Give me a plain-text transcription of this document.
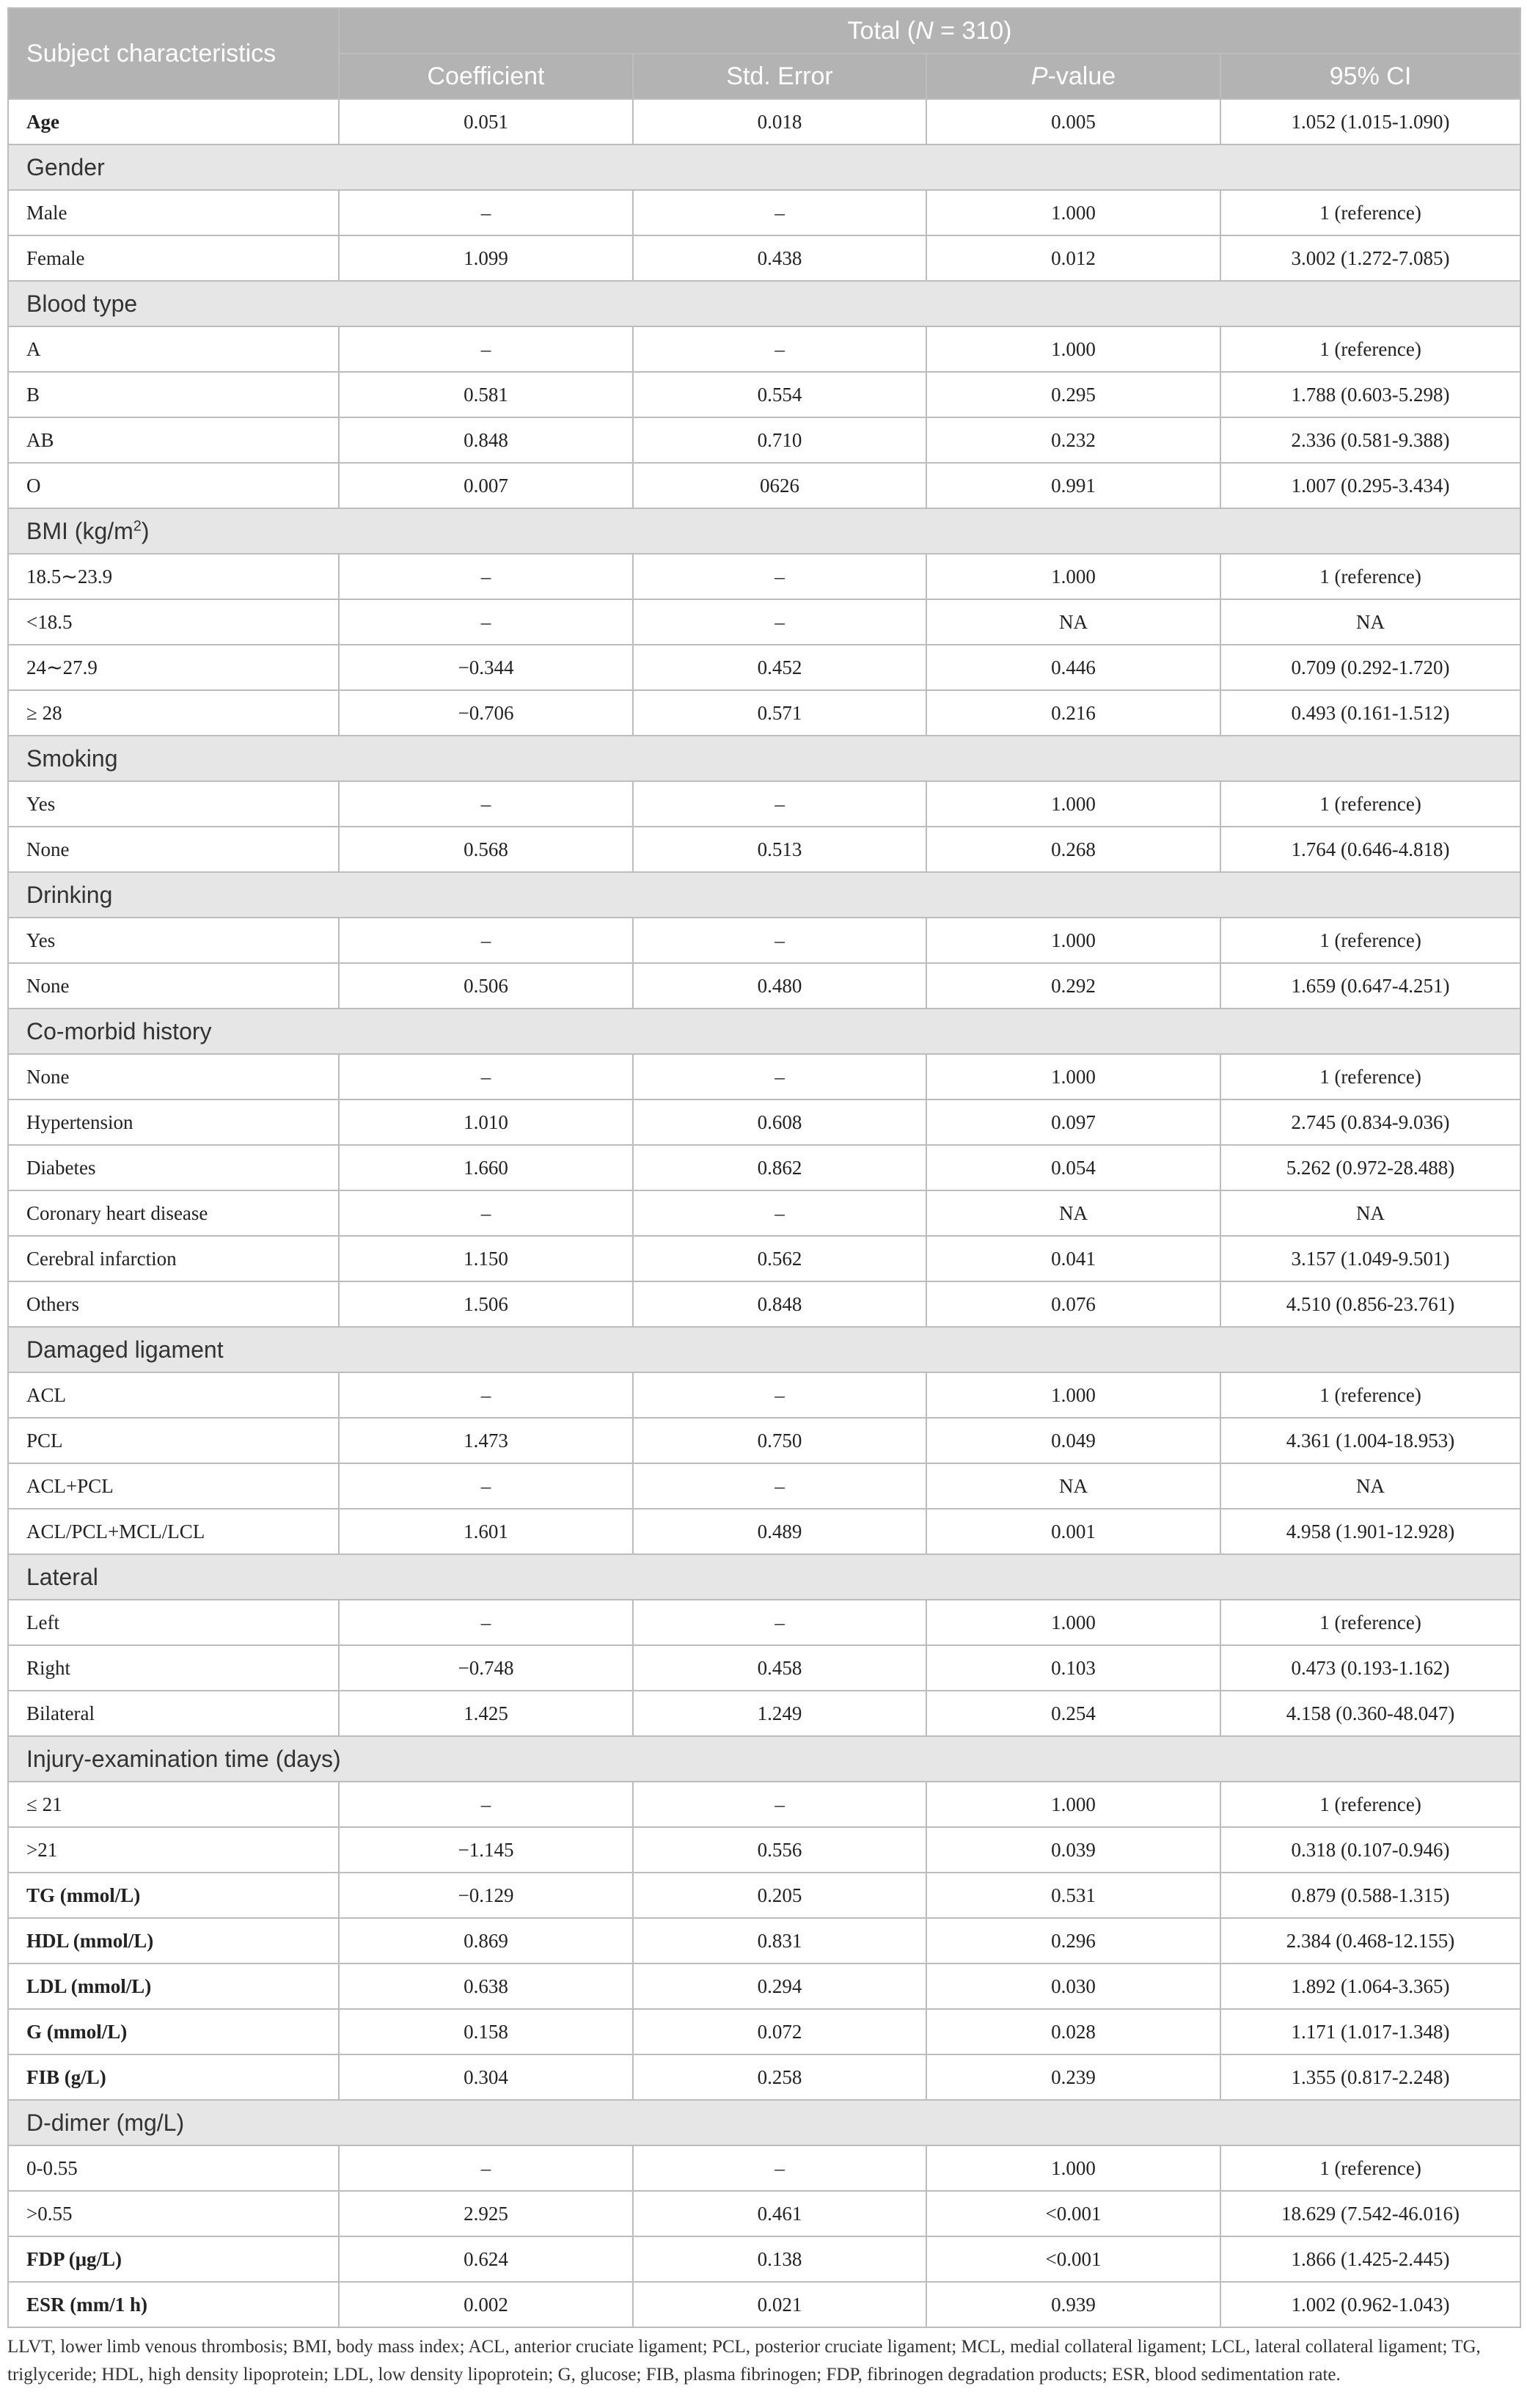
Subject characteristics	Total (N = 310)			
	Coefficient	Std. Error	P-value	95% CI
Age	0.051	0.018	0.005	1.052 (1.015-1.090)
Gender				
Male	–	–	1.000	1 (reference)
Female	1.099	0.438	0.012	3.002 (1.272-7.085)
Blood type				
A	–	–	1.000	1 (reference)
B	0.581	0.554	0.295	1.788 (0.603-5.298)
AB	0.848	0.710	0.232	2.336 (0.581-9.388)
O	0.007	0626	0.991	1.007 (0.295-3.434)
BMI $(kg/m^2)$				
18.5∼23.9	–	–	1.000	1 (reference)
<18.5	–	–	NA	NA
24∼27.9	−0.344	0.452	0.446	0.709 (0.292-1.720)
≥ 28	−0.706	0.571	0.216	0.493 (0.161-1.512)
Smoking				
Yes	–	–	1.000	1 (reference)
None	0.568	0.513	0.268	1.764 (0.646-4.818)
Drinking				
Yes	–	–	1.000	1 (reference)
None	0.506	0.480	0.292	1.659 (0.647-4.251)
Co-morbid history				
None	–	–	1.000	1 (reference)
Hypertension	1.010	0.608	0.097	2.745 (0.834-9.036)
Diabetes	1.660	0.862	0.054	5.262 (0.972-28.488)
Coronary heart disease	–	–	NA	NA
Cerebral infarction	1.150	0.562	0.041	3.157 (1.049-9.501)
Others	1.506	0.848	0.076	4.510 (0.856-23.761)
Damaged ligament				
ACL	–	–	1.000	1 (reference)
PCL	1.473	0.750	0.049	4.361 (1.004-18.953)
ACL+PCL	–	–	NA	NA
ACL/PCL+MCL/LCL	1.601	0.489	0.001	4.958 (1.901-12.928)
Lateral				
Left	–	–	1.000	1 (reference)
Right	−0.748	0.458	0.103	0.473 (0.193-1.162)
Bilateral	1.425	1.249	0.254	4.158 (0.360-48.047)
Injury-examination time (days)				
≤ 21	–	–	1.000	1 (reference)
>21	−1.145	0.556	0.039	0.318 (0.107-0.946)
TG (mmol/L)	−0.129	0.205	0.531	0.879 (0.588-1.315)
HDL (mmol/L)	0.869	0.831	0.296	2.384 (0.468-12.155)
LDL (mmol/L)	0.638	0.294	0.030	1.892 (1.064-3.365)
G (mmol/L)	0.158	0.072	0.028	1.171 (1.017-1.348)
FIB (g/L)	0.304	0.258	0.239	1.355 (0.817-2.248)
D-dimer (mg/L)				
0-0.55	–	–	1.000	1 (reference)
>0.55	2.925	0.461	<0.001	18.629 (7.542-46.016)
FDP (μg/L)	0.624	0.138	<0.001	1.866 (1.425-2.445)
ESR (mm/1 h)	0.002	0.021	0.939	1.002 (0.962-1.043)
LLVT, lower limb venous thrombosis; BMI, body mass index; ACL, anterior cruciate ligament; PCL, posterior cruciate ligament; MCL, medial collateral ligament; LCL, lateral collateral ligament; TG, triglyceride; HDL, high density lipoprotein; LDL, low density lipoprotein; G, glucose; FIB, plasma fibrinogen; FDP, fibrinogen degradation products; ESR, blood sedimentation rate.
